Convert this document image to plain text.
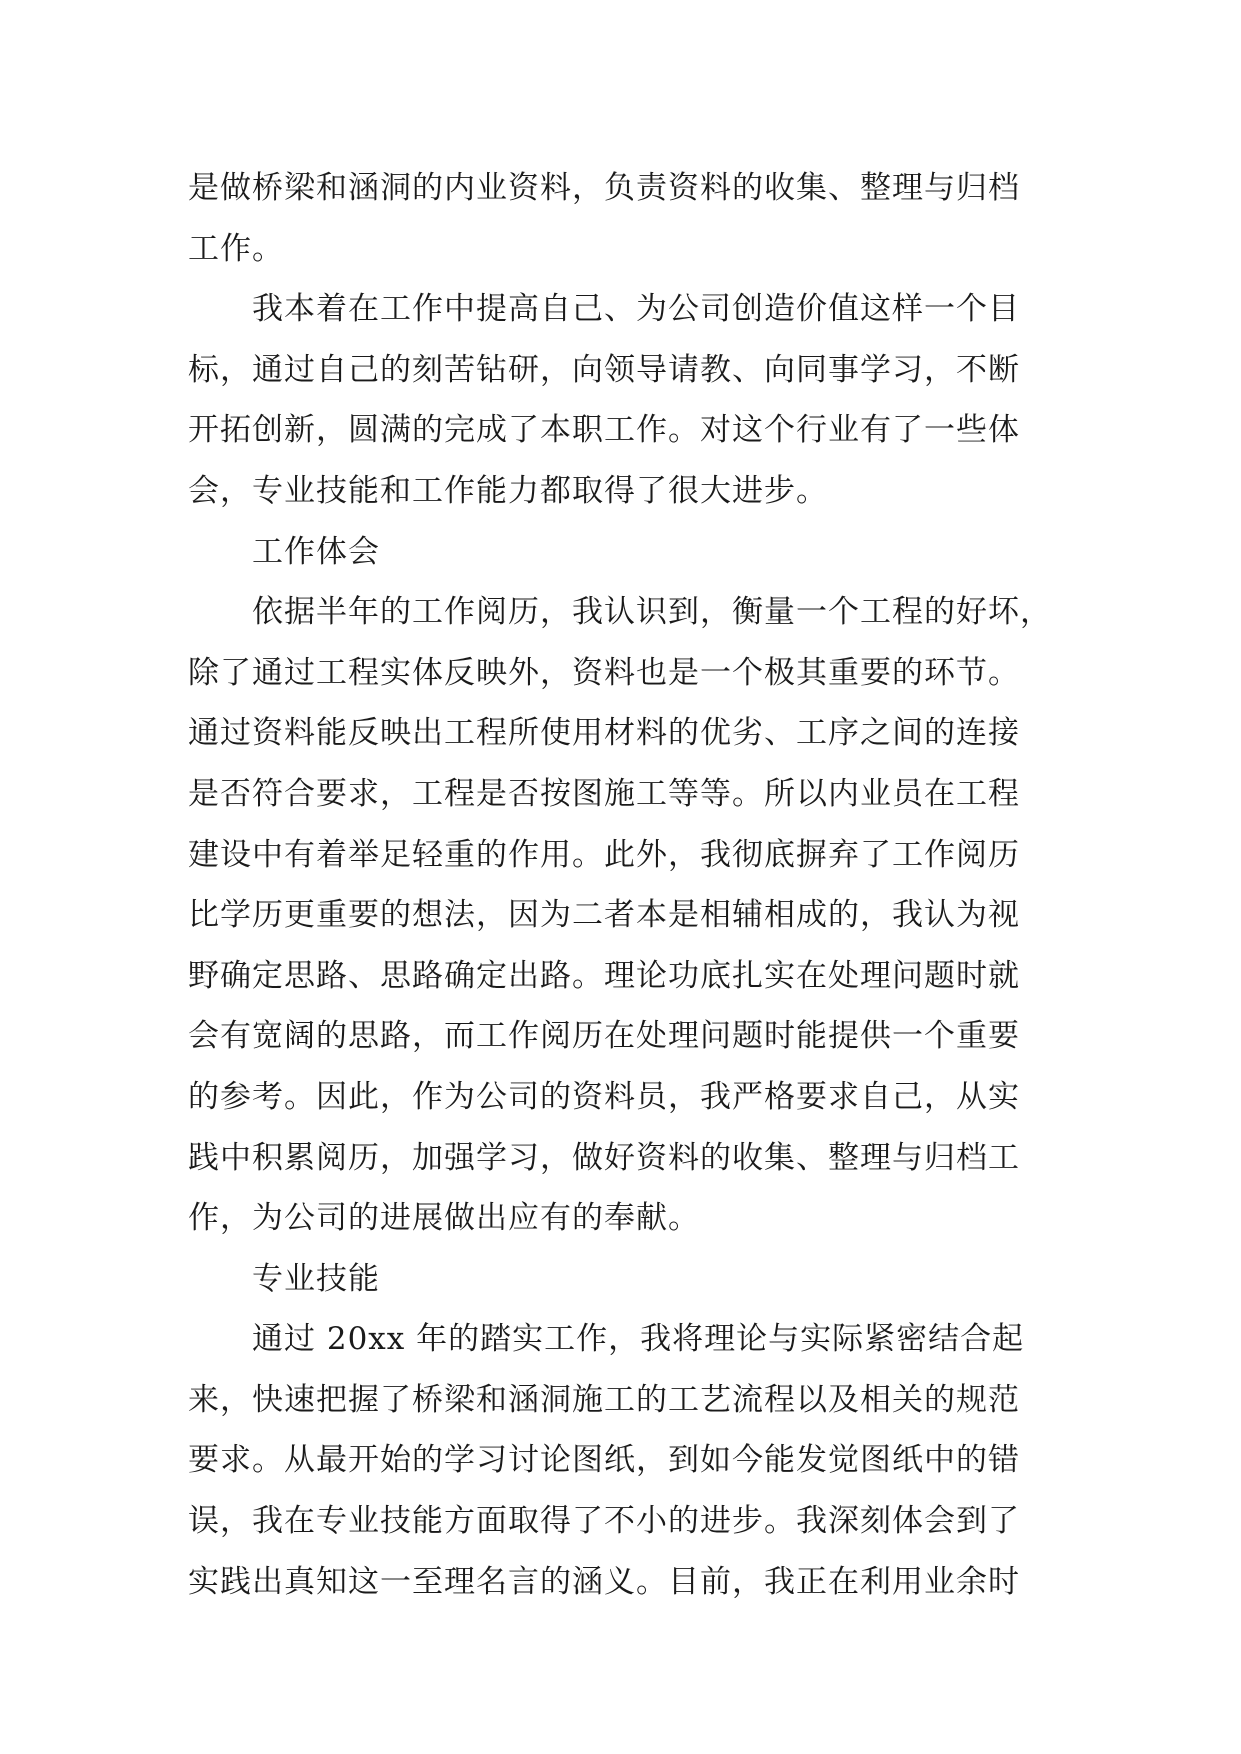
是做桥梁和涵洞的内业资料，负责资料的收集、整理与归档
工作。
我本着在工作中提高自己、为公司创造价值这样一个目
标，通过自己的刻苦钻研，向领导请教、向同事学习，不断
开拓创新，圆满的完成了本职工作。对这个行业有了一些体
会，专业技能和工作能力都取得了很大进步。
工作体会
依据半年的工作阅历，我认识到，衡量一个工程的好坏，
除了通过工程实体反映外，资料也是一个极其重要的环节。
通过资料能反映出工程所使用材料的优劣、工序之间的连接
是否符合要求，工程是否按图施工等等。所以内业员在工程
建设中有着举足轻重的作用。此外，我彻底摒弃了工作阅历
比学历更重要的想法，因为二者本是相辅相成的，我认为视
野确定思路、思路确定出路。理论功底扎实在处理问题时就
会有宽阔的思路，而工作阅历在处理问题时能提供一个重要
的参考。因此，作为公司的资料员，我严格要求自己，从实
践中积累阅历，加强学习，做好资料的收集、整理与归档工
作，为公司的进展做出应有的奉献。
专业技能
通过 20xx 年的踏实工作，我将理论与实际紧密结合起
来，快速把握了桥梁和涵洞施工的工艺流程以及相关的规范
要求。从最开始的学习讨论图纸，到如今能发觉图纸中的错
误，我在专业技能方面取得了不小的进步。我深刻体会到了
实践出真知这一至理名言的涵义。目前，我正在利用业余时
